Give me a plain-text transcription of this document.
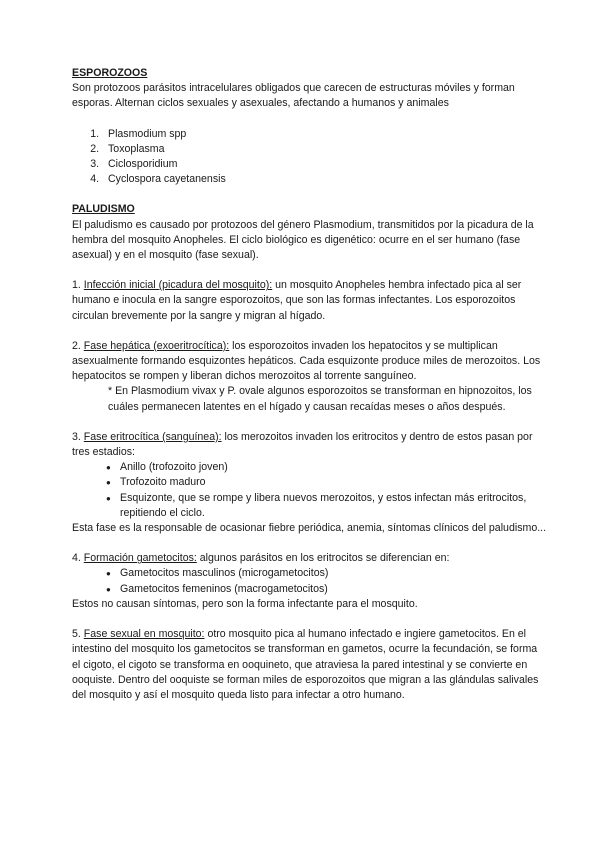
ESPOROZOOS

Son protozoos parásitos intracelulares obligados que carecen de estructuras móviles y forman esporas. Alternan ciclos sexuales y asexuales, afectando a humanos y animales

1. Plasmodium spp
2. Toxoplasma
3. Ciclosporidium
4. Cyclospora cayetanensis

PALUDISMO

El paludismo es causado por protozoos del género Plasmodium, transmitidos por la picadura de la hembra del mosquito Anopheles. El ciclo biológico es digenético: ocurre en el ser humano (fase asexual) y en el mosquito (fase sexual).

1. Infección inicial (picadura del mosquito): un mosquito Anopheles hembra infectado pica al ser humano e inocula en la sangre esporozoitos, que son las formas infectantes. Los esporozoitos circulan brevemente por la sangre y migran al hígado.

2. Fase hepática (exoeritrocítica): los esporozoitos invaden los hepatocitos y se multiplican asexualmente formando esquizontes hepáticos. Cada esquizonte produce miles de merozoitos. Los hepatocitos se rompen y liberan dichos merozoitos al torrente sanguíneo.

* En Plasmodium vivax y P. ovale algunos esporozoitos se transforman en hipnozoitos, los cuáles permanecen latentes en el hígado y causan recaídas meses o años después.

3. Fase eritrocítica (sanguínea): los merozoitos invaden los eritrocitos y dentro de estos pasan por tres estadios:

● Anillo (trofozoito joven)
● Trofozoito maduro
● Esquizonte, que se rompe y libera nuevos merozoitos, y estos infectan más eritrocitos, repitiendo el ciclo.

Esta fase es la responsable de ocasionar fiebre periódica, anemia, síntomas clínicos del paludismo...

4. Formación gametocitos: algunos parásitos en los eritrocitos se diferencian en:

● Gametocitos masculinos (microgametocitos)
● Gametocitos femeninos (macrogametocitos)

Estos no causan síntomas, pero son la forma infectante para el mosquito.

5. Fase sexual en mosquito: otro mosquito pica al humano infectado e ingiere gametocitos. En el intestino del mosquito los gametocitos se transforman en gametos, ocurre la fecundación, se forma el cigoto, el cigoto se transforma en ooquineto, que atraviesa la pared intestinal y se convierte en ooquiste. Dentro del ooquiste se forman miles de esporozoitos que migran a las glándulas salivales del mosquito y así el mosquito queda listo para infectar a otro humano.
